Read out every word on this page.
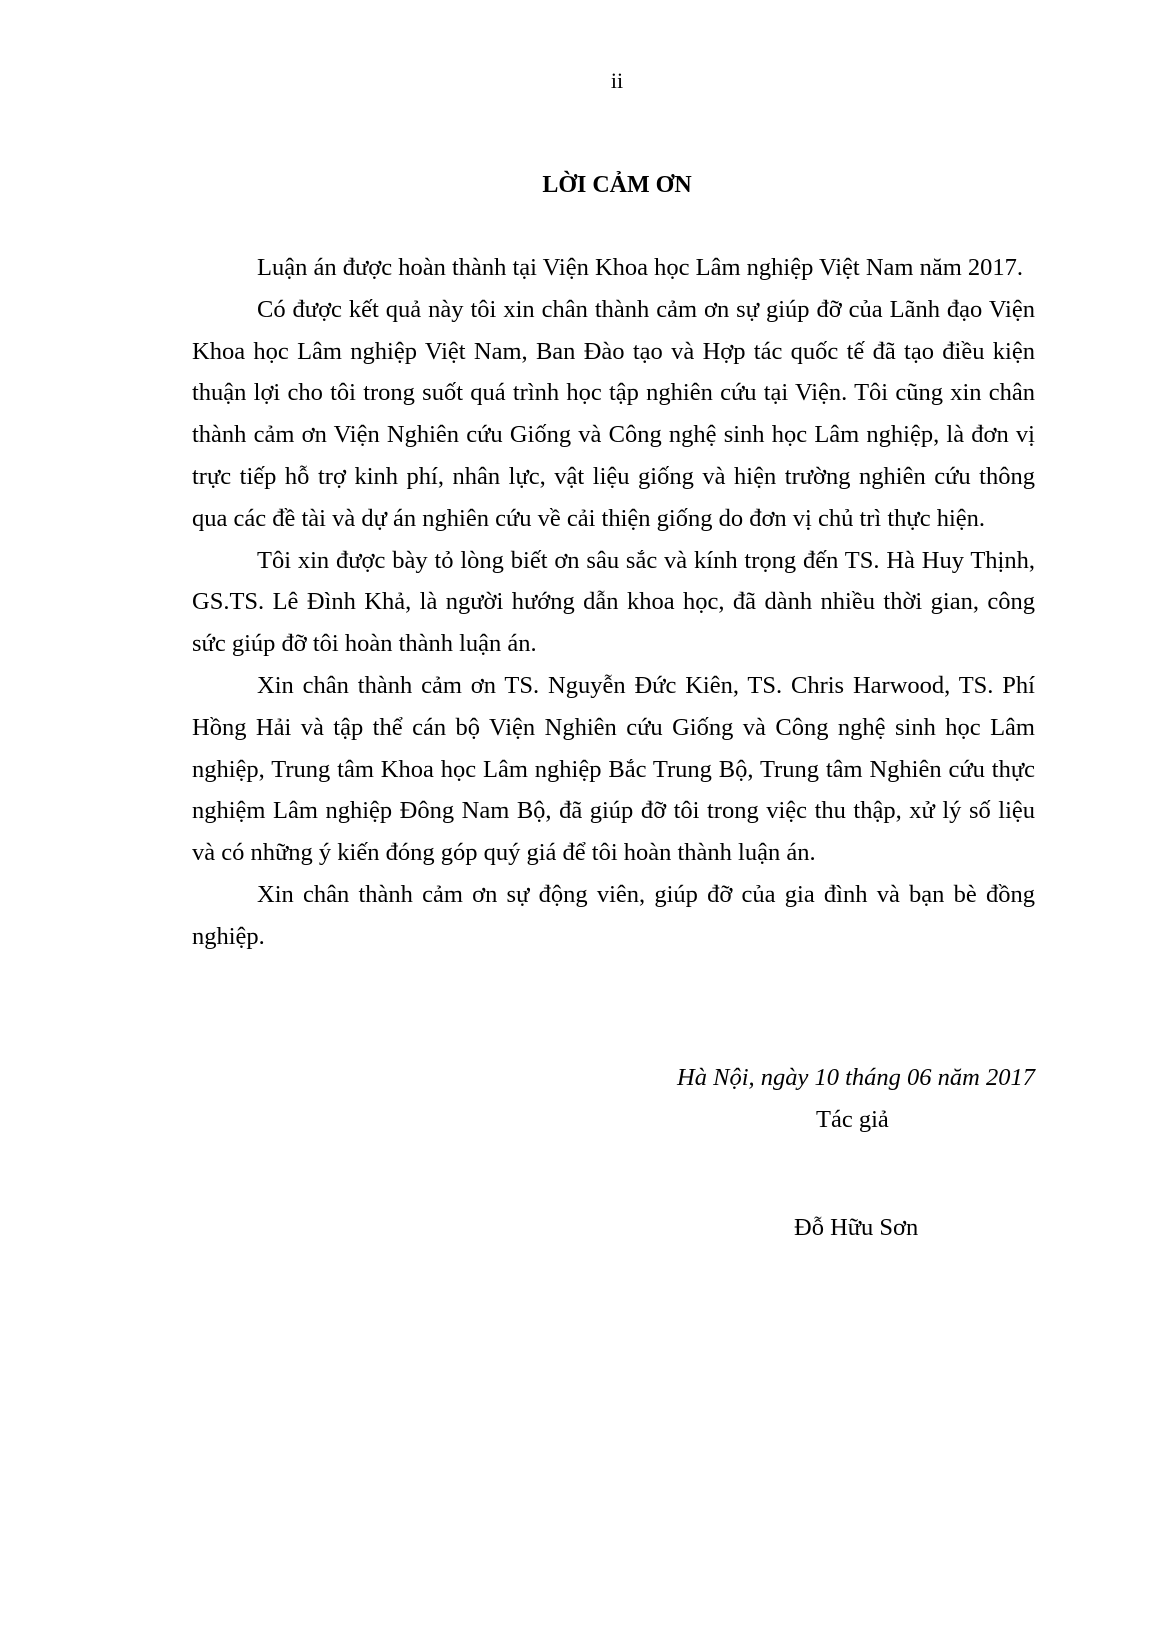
ii
LỜI CẢM ƠN

Luận án được hoàn thành tại Viện Khoa học Lâm nghiệp Việt Nam năm 2017.

Có được kết quả này tôi xin chân thành cảm ơn sự giúp đỡ của Lãnh đạo Viện Khoa học Lâm nghiệp Việt Nam, Ban Đào tạo và Hợp tác quốc tế đã tạo điều kiện thuận lợi cho tôi trong suốt quá trình học tập nghiên cứu tại Viện. Tôi cũng xin chân thành cảm ơn Viện Nghiên cứu Giống và Công nghệ sinh học Lâm nghiệp, là đơn vị trực tiếp hỗ trợ kinh phí, nhân lực, vật liệu giống và hiện trường nghiên cứu thông qua các đề tài và dự án nghiên cứu về cải thiện giống do đơn vị chủ trì thực hiện.

Tôi xin được bày tỏ lòng biết ơn sâu sắc và kính trọng đến TS. Hà Huy Thịnh, GS.TS. Lê Đình Khả, là người hướng dẫn khoa học, đã dành nhiều thời gian, công sức giúp đỡ tôi hoàn thành luận án.

Xin chân thành cảm ơn TS. Nguyễn Đức Kiên, TS. Chris Harwood, TS. Phí Hồng Hải và tập thể cán bộ Viện Nghiên cứu Giống và Công nghệ sinh học Lâm nghiệp, Trung tâm Khoa học Lâm nghiệp Bắc Trung Bộ, Trung tâm Nghiên cứu thực nghiệm Lâm nghiệp Đông Nam Bộ, đã giúp đỡ tôi trong việc thu thập, xử lý số liệu và có những ý kiến đóng góp quý giá để tôi hoàn thành luận án.

Xin chân thành cảm ơn sự động viên, giúp đỡ của gia đình và bạn bè đồng nghiệp.

Hà Nội, ngày 10 tháng 06 năm 2017
Tác giả
Đỗ Hữu Sơn
